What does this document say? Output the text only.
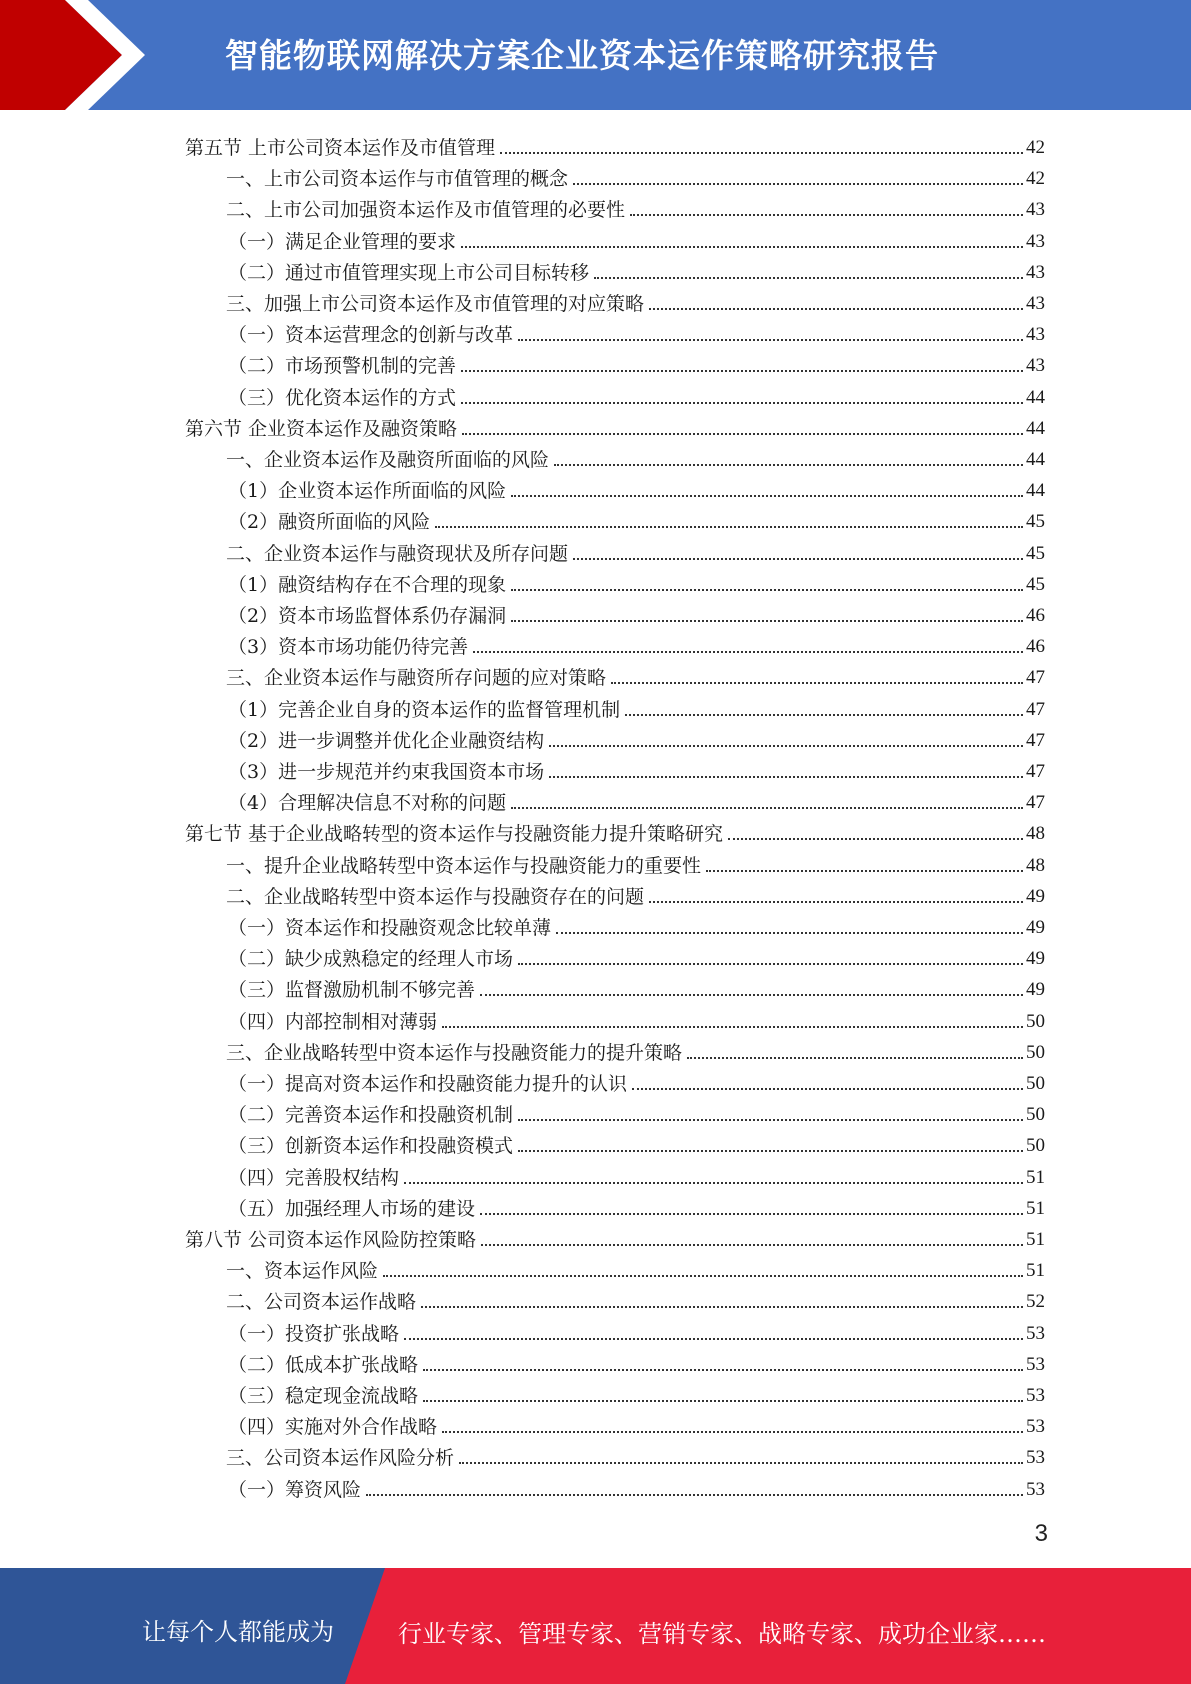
智能物联网解决方案企业资本运作策略研究报告
第五节 上市公司资本运作及市值管理	42
一、上市公司资本运作与市值管理的概念	42
二、上市公司加强资本运作及市值管理的必要性	43
（一）满足企业管理的要求	43
（二）通过市值管理实现上市公司目标转移	43
三、加强上市公司资本运作及市值管理的对应策略	43
（一）资本运营理念的创新与改革	43
（二）市场预警机制的完善	43
（三）优化资本运作的方式	44
第六节 企业资本运作及融资策略	44
一、企业资本运作及融资所面临的风险	44
（1）企业资本运作所面临的风险	44
（2）融资所面临的风险	45
二、企业资本运作与融资现状及所存问题	45
（1）融资结构存在不合理的现象	45
（2）资本市场监督体系仍存漏洞	46
（3）资本市场功能仍待完善	46
三、企业资本运作与融资所存问题的应对策略	47
（1）完善企业自身的资本运作的监督管理机制	47
（2）进一步调整并优化企业融资结构	47
（3）进一步规范并约束我国资本市场	47
（4）合理解决信息不对称的问题	47
第七节 基于企业战略转型的资本运作与投融资能力提升策略研究	48
一、提升企业战略转型中资本运作与投融资能力的重要性	48
二、企业战略转型中资本运作与投融资存在的问题	49
（一）资本运作和投融资观念比较单薄	49
（二）缺少成熟稳定的经理人市场	49
（三）监督激励机制不够完善	49
（四）内部控制相对薄弱	50
三、企业战略转型中资本运作与投融资能力的提升策略	50
（一）提高对资本运作和投融资能力提升的认识	50
（二）完善资本运作和投融资机制	50
（三）创新资本运作和投融资模式	50
（四）完善股权结构	51
（五）加强经理人市场的建设	51
第八节 公司资本运作风险防控策略	51
一、资本运作风险	51
二、公司资本运作战略	52
（一）投资扩张战略	53
（二）低成本扩张战略	53
（三）稳定现金流战略	53
（四）实施对外合作战略	53
三、公司资本运作风险分析	53
（一）筹资风险	53
3
让每个人都能成为	行业专家、管理专家、营销专家、战略专家、成功企业家……
